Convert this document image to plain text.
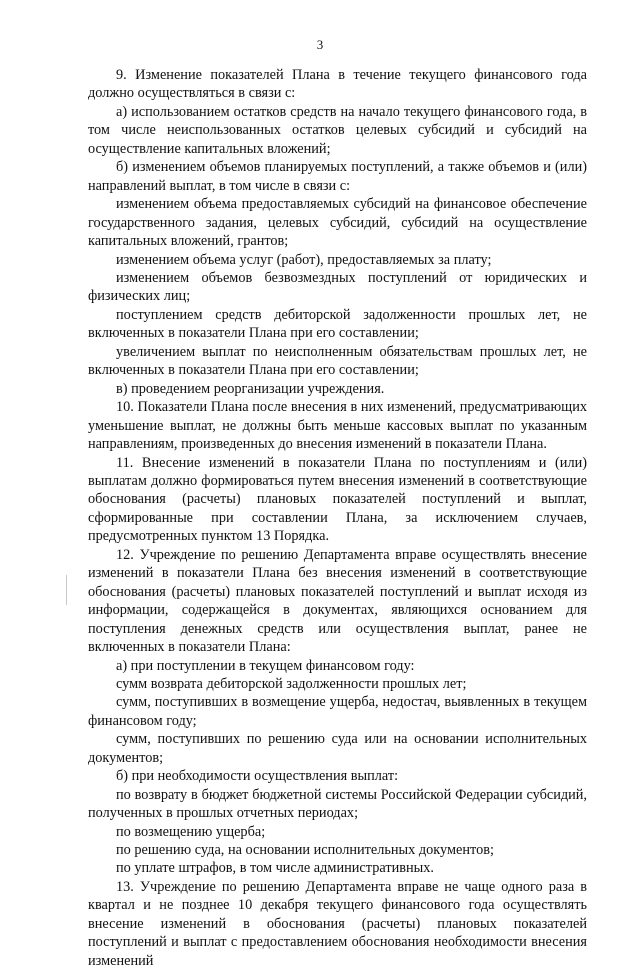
3

9. Изменение показателей Плана в течение текущего финансового года должно осуществляться в связи с:

а) использованием остатков средств на начало текущего финансового года, в том числе неиспользованных остатков целевых субсидий и субсидий на осуществление капитальных вложений;

б) изменением объемов планируемых поступлений, а также объемов и (или) направлений выплат, в том числе в связи с:

изменением объема предоставляемых субсидий на финансовое обеспечение государственного задания, целевых субсидий, субсидий на осуществление капитальных вложений, грантов;

изменением объема услуг (работ), предоставляемых за плату;

изменением объемов безвозмездных поступлений от юридических и физических лиц;

поступлением средств дебиторской задолженности прошлых лет, не включенных в показатели Плана при его составлении;

увеличением выплат по неисполненным обязательствам прошлых лет, не включенных в показатели Плана при его составлении;

в) проведением реорганизации учреждения.

10. Показатели Плана после внесения в них изменений, предусматривающих уменьшение выплат, не должны быть меньше кассовых выплат по указанным направлениям, произведенных до внесения изменений в показатели Плана.

11. Внесение изменений в показатели Плана по поступлениям и (или) выплатам должно формироваться путем внесения изменений в соответствующие обоснования (расчеты) плановых показателей поступлений и выплат, сформированные при составлении Плана, за исключением случаев, предусмотренных пунктом 13 Порядка.

12. Учреждение по решению Департамента вправе осуществлять внесение изменений в показатели Плана без внесения изменений в соответствующие обоснования (расчеты) плановых показателей поступлений и выплат исходя из информации, содержащейся в документах, являющихся основанием для поступления денежных средств или осуществления выплат, ранее не включенных в показатели Плана:

а) при поступлении в текущем финансовом году:

сумм возврата дебиторской задолженности прошлых лет;

сумм, поступивших в возмещение ущерба, недостач, выявленных в текущем финансовом году;

сумм, поступивших по решению суда или на основании исполнительных документов;

б) при необходимости осуществления выплат:

по возврату в бюджет бюджетной системы Российской Федерации субсидий, полученных в прошлых отчетных периодах;

по возмещению ущерба;

по решению суда, на основании исполнительных документов;

по уплате штрафов, в том числе административных.

13. Учреждение по решению Департамента вправе не чаще одного раза в квартал и не позднее 10 декабря текущего финансового года осуществлять внесение изменений в обоснования (расчеты) плановых показателей поступлений и выплат с предоставлением обоснования необходимости внесения изменений
